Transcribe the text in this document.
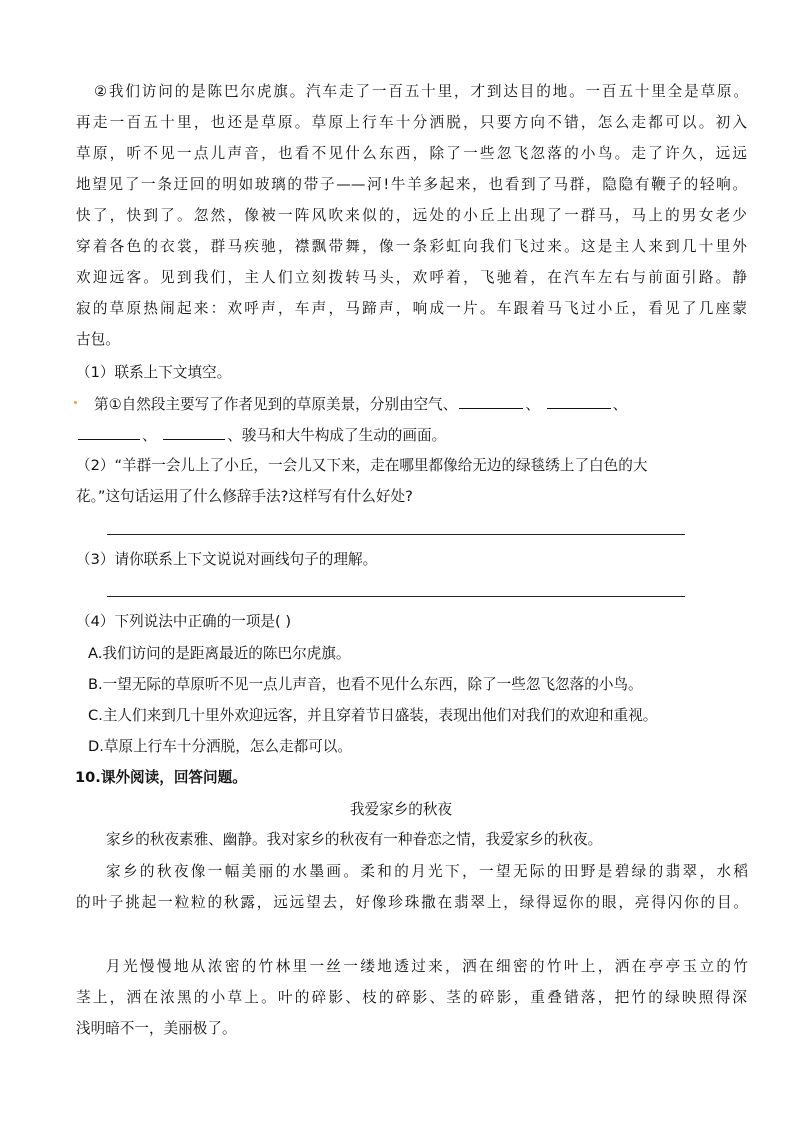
②我们访问的是陈巴尔虎旗。汽车走了一百五十里，才到达目的地。一百五十里全是草原。
再走一百五十里，也还是草原。草原上行车十分洒脱，只要方向不错，怎么走都可以。初入
草原，听不见一点儿声音，也看不见什么东西，除了一些忽飞忽落的小鸟。走了许久，远远
地望见了一条迂回的明如玻璃的带子——河!牛羊多起来，也看到了马群，隐隐有鞭子的轻响。
快了，快到了。忽然，像被一阵风吹来似的，远处的小丘上出现了一群马，马上的男女老少
穿着各色的衣裳，群马疾驰，襟飘带舞，像一条彩虹向我们飞过来。这是主人来到几十里外
欢迎远客。见到我们，主人们立刻拨转马头，欢呼着，飞驰着，在汽车左右与前面引路。静
寂的草原热闹起来：欢呼声，车声，马蹄声，响成一片。车跟着马飞过小丘，看见了几座蒙
古包。
（1）联系上下文填空。
第①自然段主要写了作者见到的草原美景，分别由空气、	、	、
、	、骏马和大牛构成了生动的画面。
（2）“羊群一会儿上了小丘，一会儿又下来，走在哪里都像给无边的绿毯绣上了白色的大
花。”这句话运用了什么修辞手法?这样写有什么好处?
（3）请你联系上下文说说对画线句子的理解。
（4）下列说法中正确的一项是( )
A.我们访问的是距离最近的陈巴尔虎旗。
B.一望无际的草原听不见一点儿声音，也看不见什么东西，除了一些忽飞忽落的小鸟。
C.主人们来到几十里外欢迎远客，并且穿着节日盛装，表现出他们对我们的欢迎和重视。
D.草原上行车十分洒脱，怎么走都可以。
10.课外阅读，回答问题。
我爱家乡的秋夜
家乡的秋夜素雅、幽静。我对家乡的秋夜有一种眷恋之情，我爱家乡的秋夜。
家乡的秋夜像一幅美丽的水墨画。柔和的月光下，一望无际的田野是碧绿的翡翠，水稻
的叶子挑起一粒粒的秋露，远远望去，好像珍珠撒在翡翠上，绿得逗你的眼，亮得闪你的目。
月光慢慢地从浓密的竹林里一丝一缕地透过来，洒在细密的竹叶上，洒在亭亭玉立的竹
茎上，洒在浓黑的小草上。叶的碎影、枝的碎影、茎的碎影，重叠错落，把竹的绿映照得深
浅明暗不一，美丽极了。
